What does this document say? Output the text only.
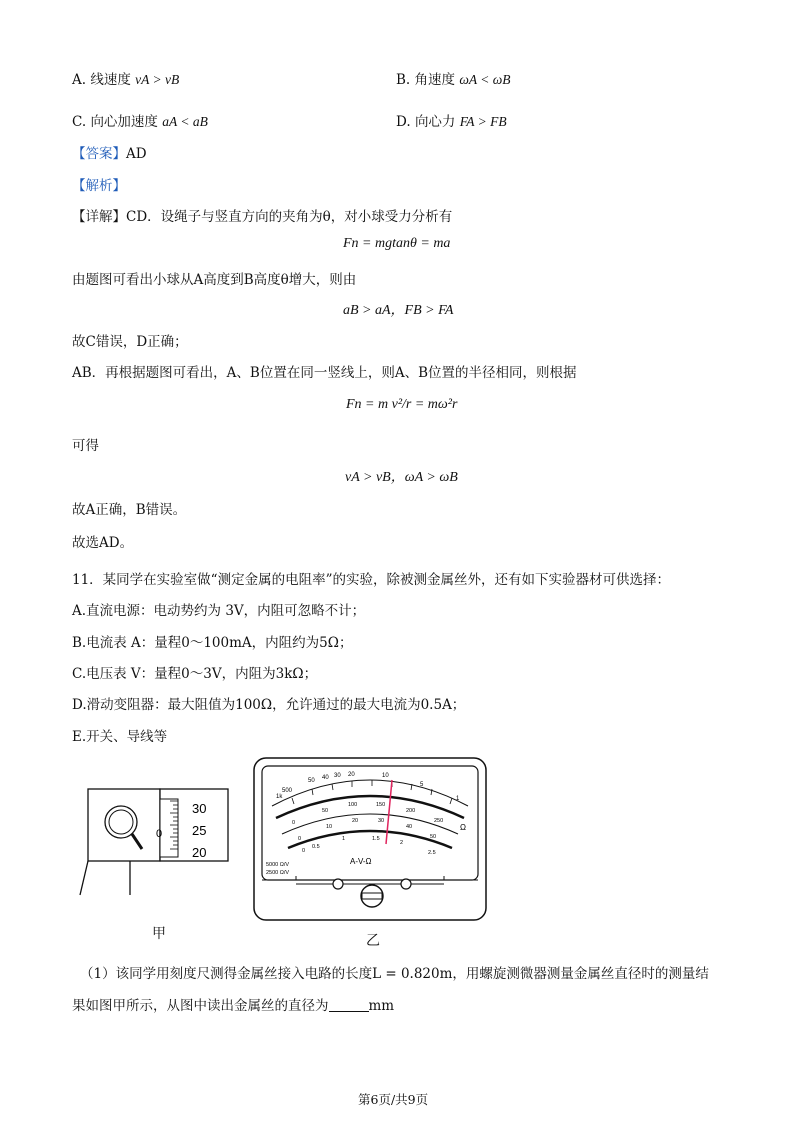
A. 线速度 vA > vB	B. 角速度 ωA < ωB
C. 向心加速度 aA < aB	D. 向心力 FA > FB
【答案】AD
【解析】
【详解】CD．设绳子与竖直方向的夹角为θ，对小球受力分析有
Fn = mgtanθ = ma
由题图可看出小球从A高度到B高度θ增大，则由
aB > aA，FB > FA
故C错误，D正确；
AB．再根据题图可看出，A、B位置在同一竖线上，则A、B位置的半径相同，则根据
Fn = m v²/r = mω²r
可得
vA > vB，ωA > ωB
故A正确，B错误。
故选AD。
11．某同学在实验室做“测定金属的电阻率”的实验，除被测金属丝外，还有如下实验器材可供选择：
A.直流电源：电动势约为 3V，内阻可忽略不计；
B.电流表 A：量程0～100mA，内阻约为5Ω；
C.电压表 V：量程0～3V，内阻为3kΩ；
D.滑动变阻器：最大阻值为100Ω，允许通过的最大电流为0.5A；
E.开关、导线等
30
25
20
0
甲
1k
500
50 40 30 20	10
5
1
Ω
0
50
100	150
200
250
0
10
20	30
40
50
0
0.5
1	1.5
2
2.5
A-V-Ω
5000 Ω/V
2500 Ω/V
乙
（1）该同学用刻度尺测得金属丝接入电路的长度L = 0.820m，用螺旋测微器测量金属丝直径时的测量结
果如图甲所示，从图中读出金属丝的直径为	mm
第6页/共9页
